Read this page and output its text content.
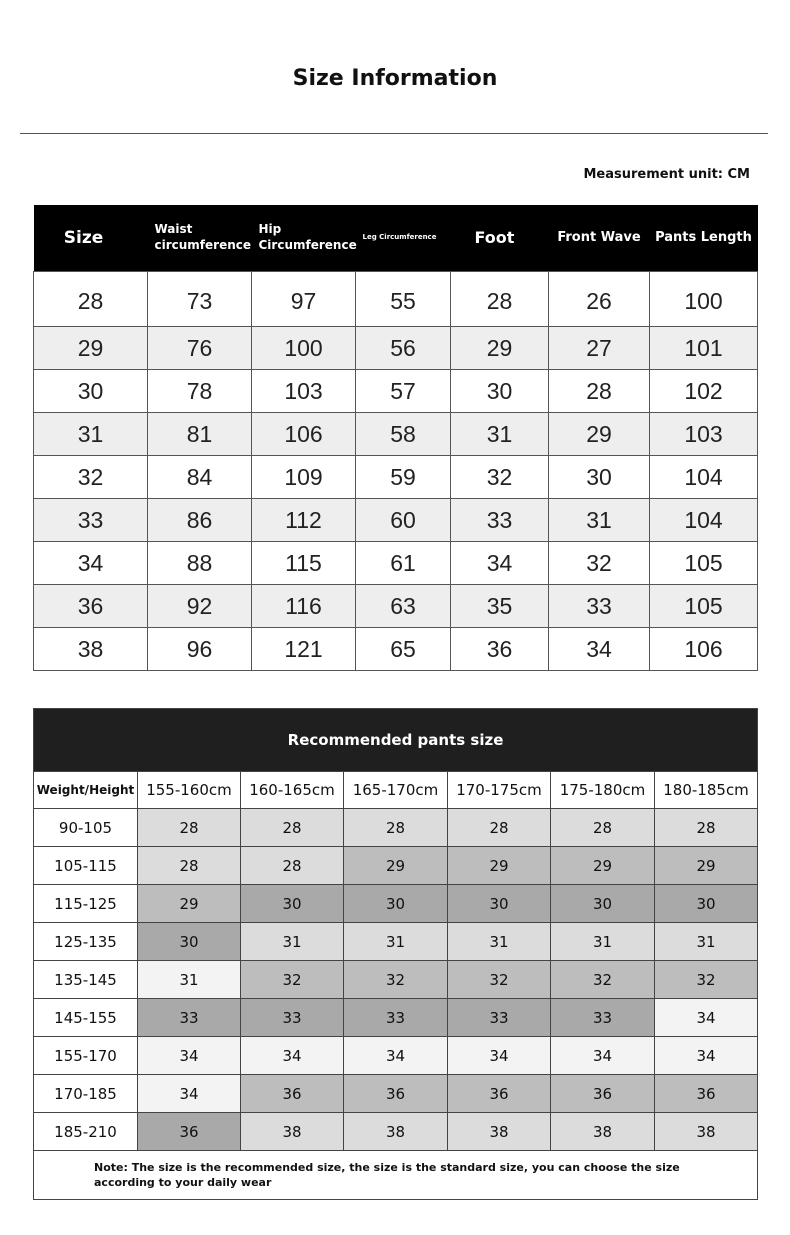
Size Information
Measurement unit: CM
Size	Waist circumference	Hip Circumference	Leg Circumference	Foot	Front Wave	Pants Length
28	73	97	55	28	26	100
29	76	100	56	29	27	101
30	78	103	57	30	28	102
31	81	106	58	31	29	103
32	84	109	59	32	30	104
33	86	112	60	33	31	104
34	88	115	61	34	32	105
36	92	116	63	35	33	105
38	96	121	65	36	34	106
Recommended pants size						
Weight/Height	155-160cm	160-165cm	165-170cm	170-175cm	175-180cm	180-185cm
90-105	28	28	28	28	28	28
105-115	28	28	29	29	29	29
115-125	29	30	30	30	30	30
125-135	30	31	31	31	31	31
135-145	31	32	32	32	32	32
145-155	33	33	33	33	33	34
155-170	34	34	34	34	34	34
170-185	34	36	36	36	36	36
185-210	36	38	38	38	38	38
Note: The size is the recommended size, the size is the standard size, you can choose the size according to your daily wear						
